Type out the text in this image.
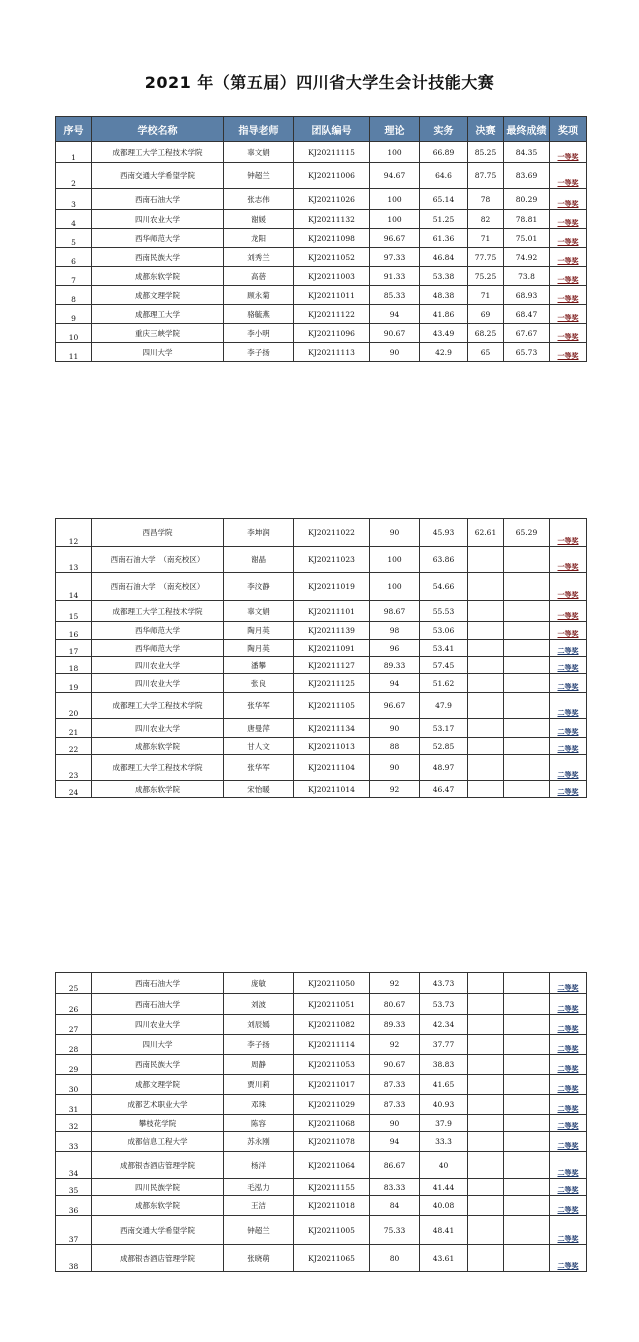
2021 年（第五届）四川省大学生会计技能大赛
序号	学校名称	指导老师	团队编号	理论	实务	决赛	最终成绩	奖项
1	成都理工大学工程技术学院	辜文娟	KJ20211115	100	66.89	85.25	84.35	一等奖
2	西南交通大学希望学院	钟超兰	KJ20211006	94.67	64.6	87.75	83.69	一等奖
3	西南石油大学	张志伟	KJ20211026	100	65.14	78	80.29	一等奖
4	四川农业大学	谢媛	KJ20211132	100	51.25	82	78.81	一等奖
5	西华师范大学	龙阳	KJ20211098	96.67	61.36	71	75.01	一等奖
6	西南民族大学	刘秀兰	KJ20211052	97.33	46.84	77.75	74.92	一等奖
7	成都东软学院	高蓓	KJ20211003	91.33	53.38	75.25	73.8	一等奖
8	成都文理学院	顾永菊	KJ20211011	85.33	48.38	71	68.93	一等奖
9	成都理工大学	骆毓燕	KJ20211122	94	41.86	69	68.47	一等奖
10	重庆三峡学院	李小明	KJ20211096	90.67	43.49	68.25	67.67	一等奖
11	四川大学	李子扬	KJ20211113	90	42.9	65	65.73	一等奖
12	西昌学院	李坤润	KJ20211022	90	45.93	62.61	65.29	一等奖
13	西南石油大学　（南充校区）	谢晶	KJ20211023	100	63.86			一等奖
14	西南石油大学　（南充校区）	李汶静	KJ20211019	100	54.66			一等奖
15	成都理工大学工程技术学院	辜文娟	KJ20211101	98.67	55.53			一等奖
16	西华师范大学	陶月英	KJ20211139	98	53.06			一等奖
17	西华师范大学	陶月英	KJ20211091	96	53.41			二等奖
18	四川农业大学	潘攀	KJ20211127	89.33	57.45			二等奖
19	四川农业大学	张良	KJ20211125	94	51.62			二等奖
20	成都理工大学工程技术学院	张华军	KJ20211105	96.67	47.9			二等奖
21	四川农业大学	唐曼萍	KJ20211134	90	53.17			二等奖
22	成都东软学院	甘人文	KJ20211013	88	52.85			二等奖
23	成都理工大学工程技术学院	张华军	KJ20211104	90	48.97			二等奖
24	成都东软学院	宋怡暖	KJ20211014	92	46.47			二等奖
25	西南石油大学	庞敏	KJ20211050	92	43.73			二等奖
26	西南石油大学	刘波	KJ20211051	80.67	53.73			二等奖
27	四川农业大学	刘辰嫣	KJ20211082	89.33	42.34			二等奖
28	四川大学	李子扬	KJ20211114	92	37.77			二等奖
29	西南民族大学	周静	KJ20211053	90.67	38.83			二等奖
30	成都文理学院	贾川莉	KJ20211017	87.33	41.65			二等奖
31	成都艺术职业大学	邓珠	KJ20211029	87.33	40.93			二等奖
32	攀枝花学院	陈容	KJ20211068	90	37.9			二等奖
33	成都信息工程大学	苏永刚	KJ20211078	94	33.3			二等奖
34	成都银杏酒店管理学院	杨洋	KJ20211064	86.67	40			二等奖
35	四川民族学院	毛泓力	KJ20211155	83.33	41.44			二等奖
36	成都东软学院	王洁	KJ20211018	84	40.08			二等奖
37	西南交通大学希望学院	钟超兰	KJ20211005	75.33	48.41			二等奖
38	成都银杏酒店管理学院	张晓萌	KJ20211065	80	43.61			二等奖
